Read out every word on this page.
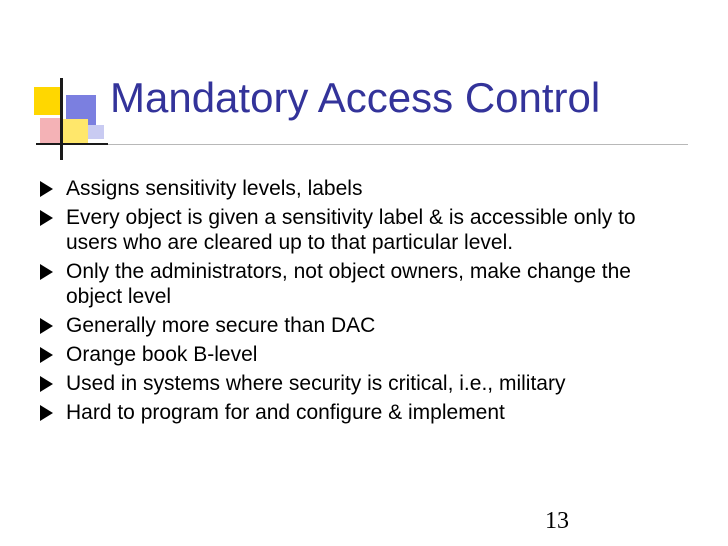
Mandatory Access Control
Assigns sensitivity levels, labels
Every object is given a sensitivity label & is accessible only to users who are cleared up to that particular level.
Only the administrators, not object owners, make change the object level
Generally more secure than DAC
Orange book B-level
Used in systems where security is critical, i.e., military
Hard to program for and configure & implement
13
